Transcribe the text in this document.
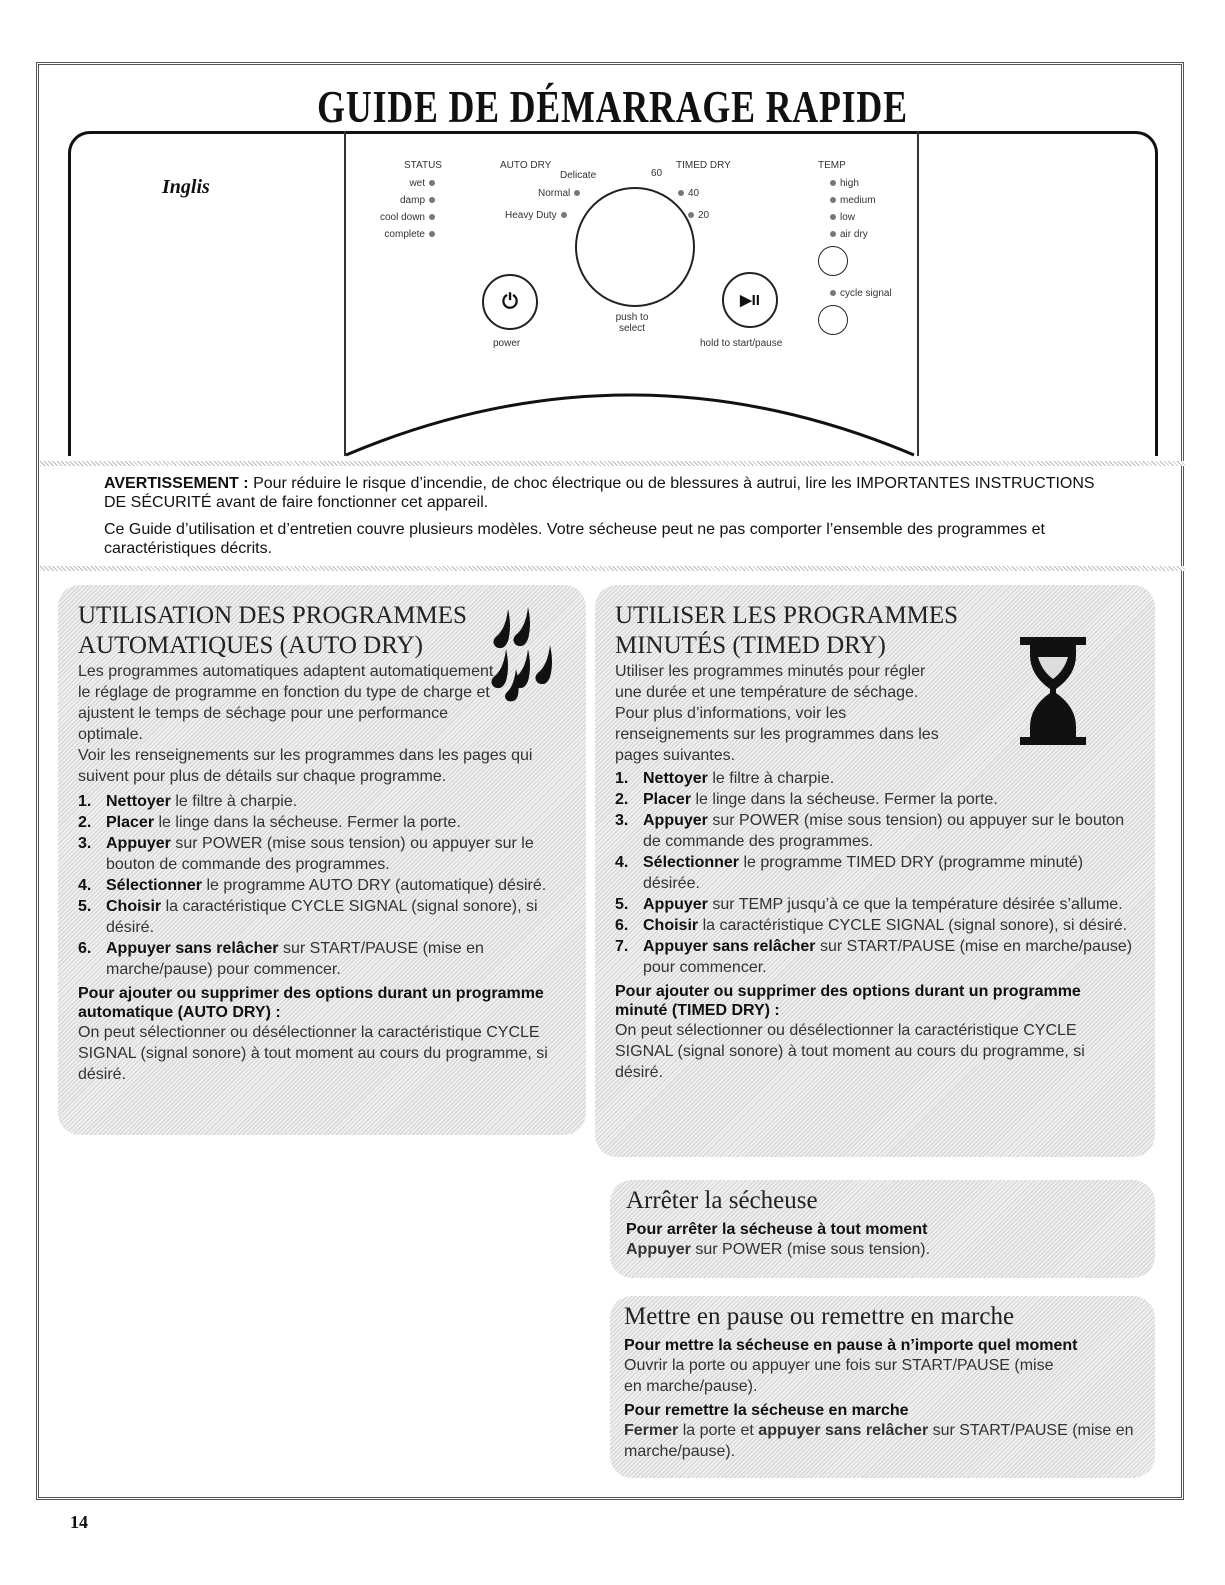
GUIDE DE DÉMARRAGE RAPIDE
Inglis
STATUS
wet
damp
cool down
complete
AUTO DRY
Delicate
Normal
Heavy Duty
60
TIMED DRY
40
20
push to select
⏻
power
▶II
hold to start/pause
TEMP
high
medium
low
air dry
cycle signal
AVERTISSEMENT : Pour réduire le risque d’incendie, de choc électrique ou de blessures à autrui, lire les IMPORTANTES INSTRUCTIONS DE SÉCURITÉ avant de faire fonctionner cet appareil.
Ce Guide d’utilisation et d’entretien couvre plusieurs modèles. Votre sécheuse peut ne pas comporter l’ensemble des programmes et caractéristiques décrits.

UTILISATION DES PROGRAMMES

AUTOMATIQUES (AUTO DRY)

Les programmes automatiques adaptent automatiquement le réglage de programme en fonction du type de charge et ajustent le temps de séchage pour une performance optimale.

Voir les renseignements sur les programmes dans les pages qui suivent pour plus de détails sur chaque programme.

1. Nettoyer le filtre à charpie.

2. Placer le linge dans la sécheuse. Fermer la porte.

3. Appuyer sur POWER (mise sous tension) ou appuyer sur le bouton de commande des programmes.

4. Sélectionner le programme AUTO DRY (automatique) désiré.

5. Choisir la caractéristique CYCLE SIGNAL (signal sonore), si désiré.

6. Appuyer sans relâcher sur START/PAUSE (mise en marche/pause) pour commencer.

Pour ajouter ou supprimer des options durant un programme automatique (AUTO DRY) :

On peut sélectionner ou désélectionner la caractéristique CYCLE SIGNAL (signal sonore) à tout moment au cours du programme, si désiré.

UTILISER LES PROGRAMMES

MINUTÉS (TIMED DRY)

Utiliser les programmes minutés pour régler une durée et une température de séchage. Pour plus d’informations, voir les renseignements sur les programmes dans les pages suivantes.

1. Nettoyer le filtre à charpie.

2. Placer le linge dans la sécheuse. Fermer la porte.

3. Appuyer sur POWER (mise sous tension) ou appuyer sur le bouton de commande des programmes.

4. Sélectionner le programme TIMED DRY (programme minuté) désirée.

5. Appuyer sur TEMP jusqu’à ce que la température désirée s’allume.

6. Choisir la caractéristique CYCLE SIGNAL (signal sonore), si désiré.

7. Appuyer sans relâcher sur START/PAUSE (mise en marche/pause) pour commencer.

Pour ajouter ou supprimer des options durant un programme minuté (TIMED DRY) :

On peut sélectionner ou désélectionner la caractéristique CYCLE SIGNAL (signal sonore) à tout moment au cours du programme, si désiré.

Arrêter la sécheuse

Pour arrêter la sécheuse à tout moment

Appuyer sur POWER (mise sous tension).

Mettre en pause ou remettre en marche

Pour mettre la sécheuse en pause à n’importe quel moment

Ouvrir la porte ou appuyer une fois sur START/PAUSE (mise en marche/pause).

Pour remettre la sécheuse en marche

Fermer la porte et appuyer sans relâcher sur START/PAUSE (mise en marche/pause).

14
